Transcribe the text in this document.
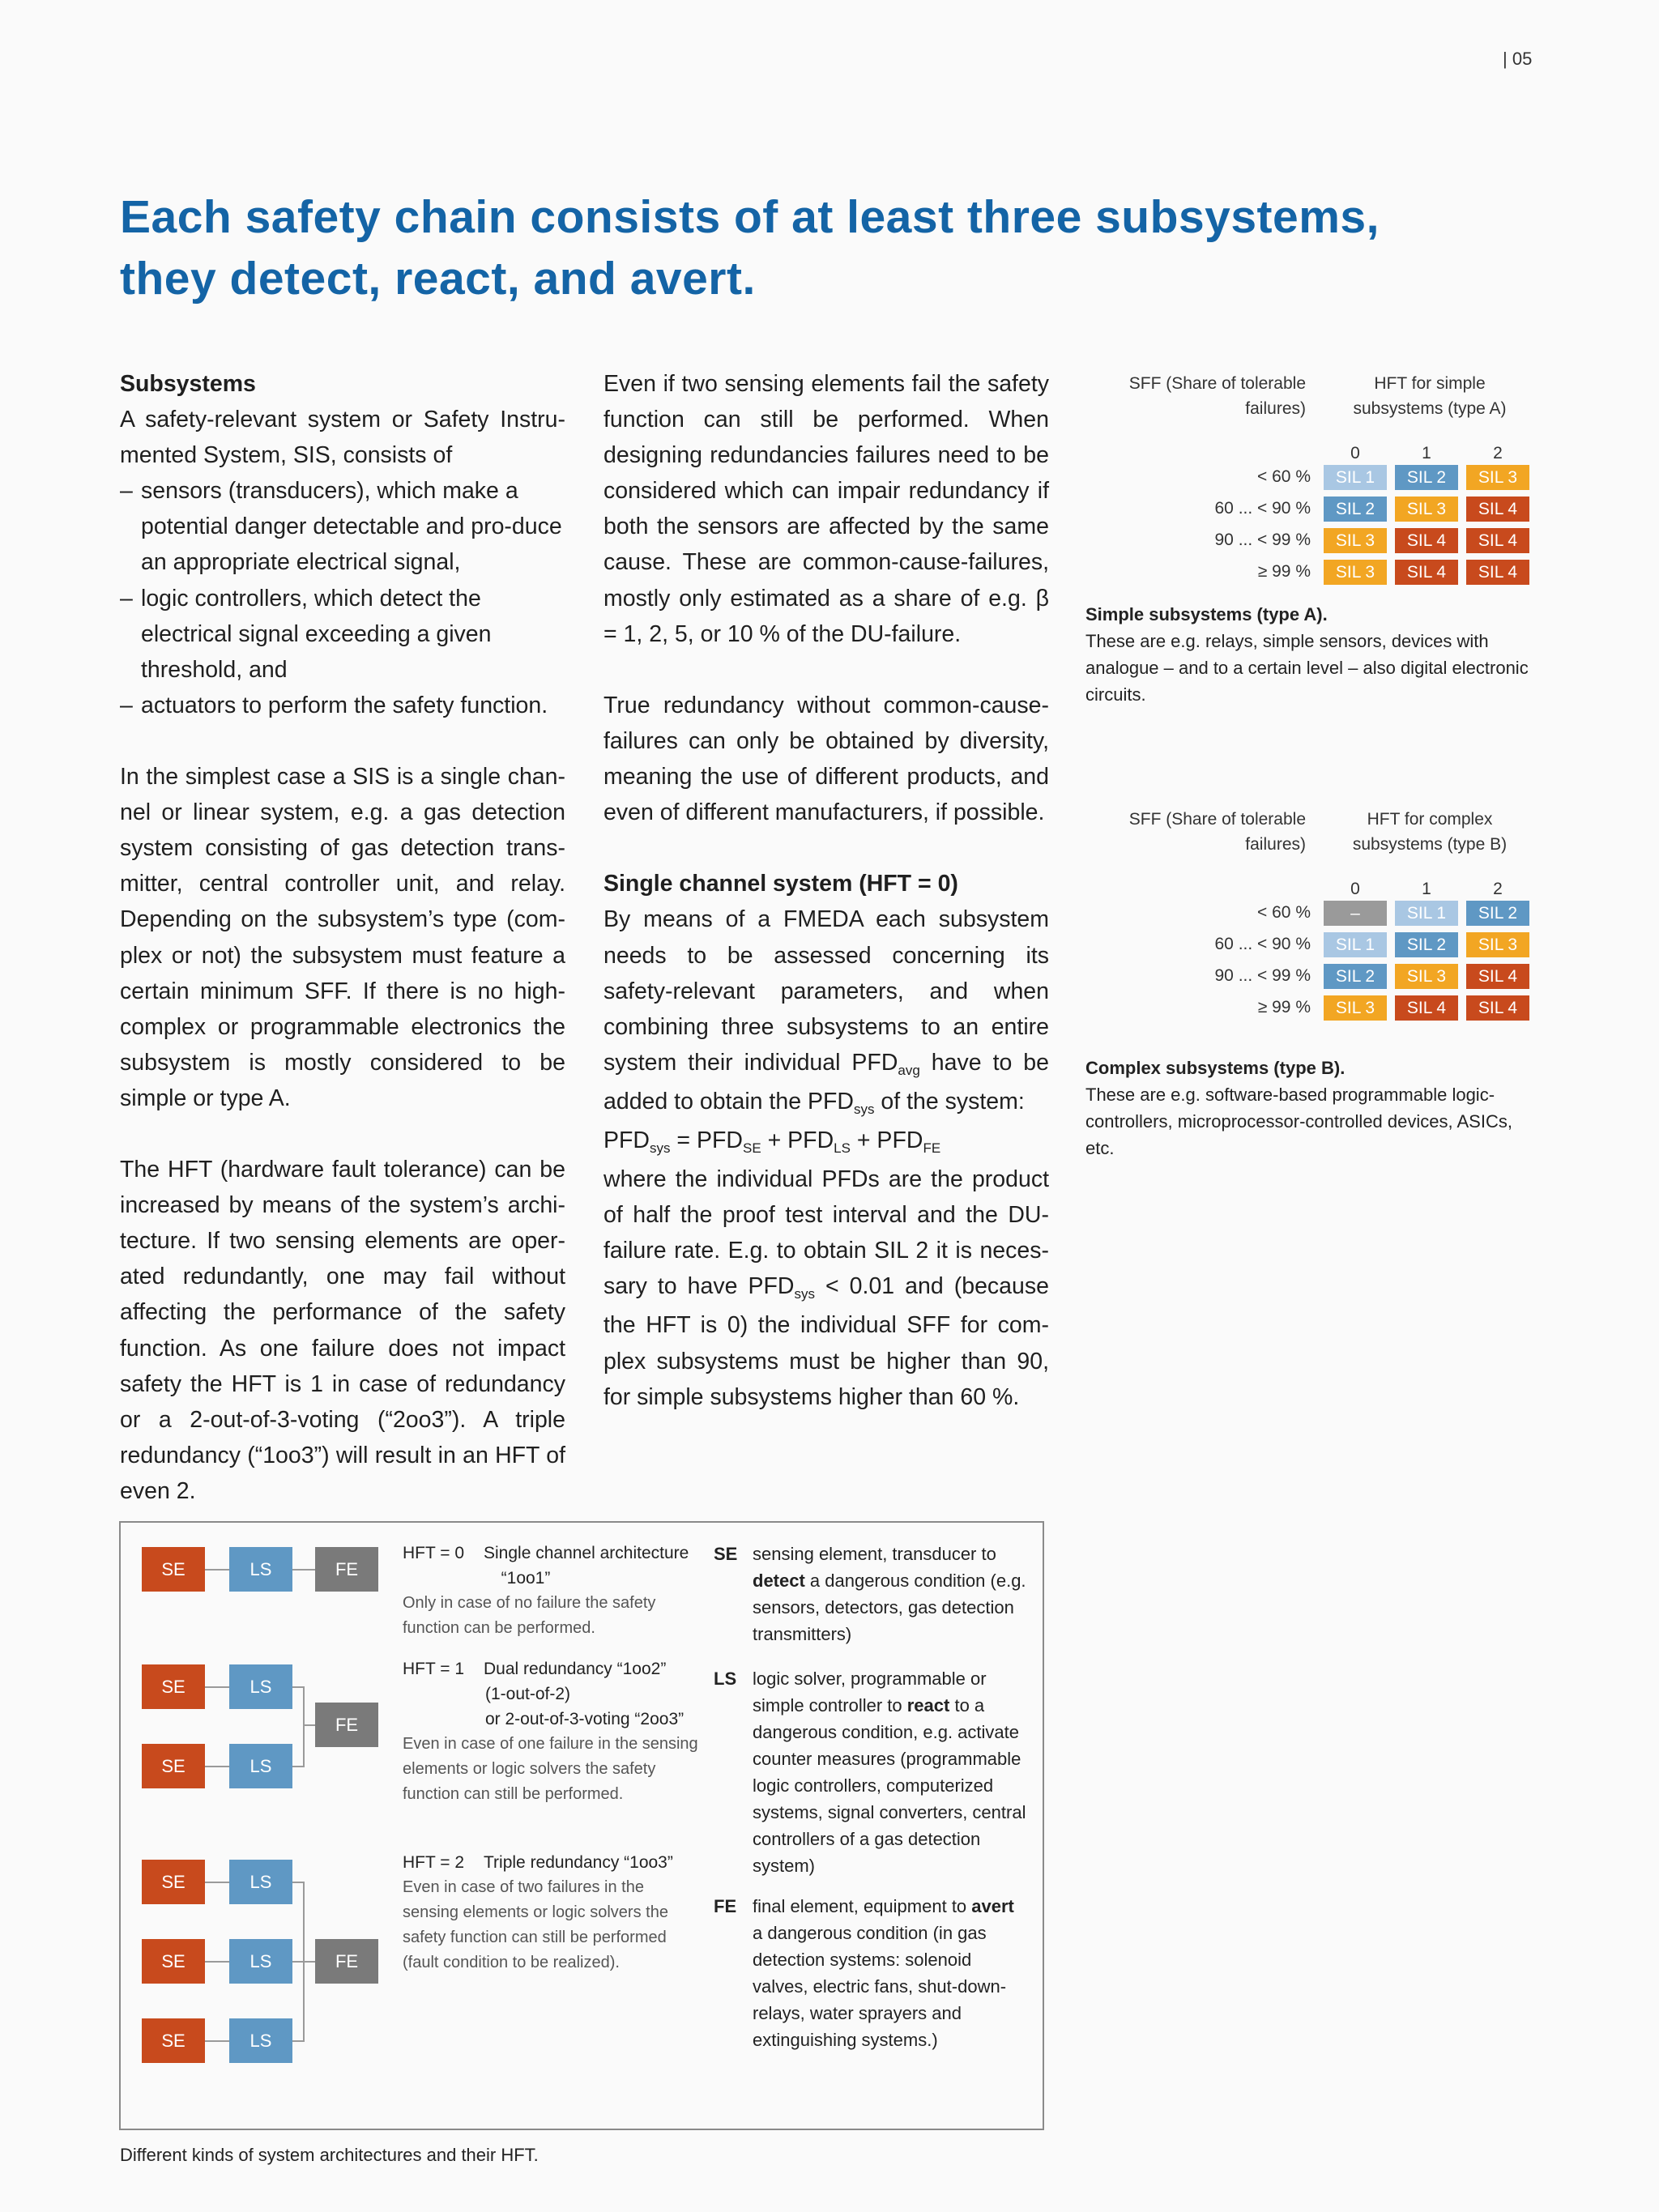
| 05
Each safety chain consists of at least three subsystems,
they detect, react, and avert.

Subsystems

A safety-relevant system or Safety Instru-mented System, SIS, consists of

– sensors (transducers), which make a potential danger detectable and pro-duce an appropriate electrical signal,
– logic controllers, which detect the electrical signal exceeding a given threshold, and
– actuators to perform the safety function.

In the simplest case a SIS is a single chan-nel or linear system, e.g. a gas detection system consisting of gas detection trans-mitter, central controller unit, and relay. Depending on the subsystem’s type (com-plex or not) the subsystem must feature a certain minimum SFF. If there is no high-complex or programmable electronics the subsystem is mostly considered to be simple or type A.

The HFT (hardware fault tolerance) can be increased by means of the system’s archi-tecture. If two sensing elements are oper-ated redundantly, one may fail without affecting the performance of the safety function. As one failure does not impact safety the HFT is 1 in case of redundancy or a 2-out-of-3-voting (“2oo3”). A triple redundancy (“1oo3”) will result in an HFT of even 2.

Even if two sensing elements fail the safety function can still be performed. When designing redundancies failures need to be considered which can impair redundancy if both the sensors are affected by the same cause. These are common-cause-failures, mostly only estimated as a share of e.g. β = 1, 2, 5, or 10 % of the DU-failure.

True redundancy without common-cause-failures can only be obtained by diversity, meaning the use of different products, and even of different manufacturers, if possible.

Single channel system (HFT = 0)

By means of a FMEDA each subsystem needs to be assessed concerning its safety-relevant parameters, and when combining three subsystems to an entire system their individual $PFD_{avg}$ have to be added to obtain the $PFD_{sys}$ of the system:

$PFD_{sys} = PFD_{SE} + PFD_{LS} + PFD_{FE}$

where the individual PFDs are the product of half the proof test interval and the DU-failure rate. E.g. to obtain SIL 2 it is neces-sary to have $PFD_{sys} < 0.01$ and (because the HFT is 0) the individual SFF for com-plex subsystems must be higher than 90, for simple subsystems higher than 60 %.

SFF (Share of tolerable failures)
HFT for simple subsystems (type A)
0	1	2
< 60 %	SIL 1	SIL 2	SIL 3
60 ... < 90 %	SIL 2	SIL 3	SIL 4
90 ... < 99 %	SIL 3	SIL 4	SIL 4
≥ 99 %	SIL 3	SIL 4	SIL 4
Simple subsystems (type A).
These are e.g. relays, simple sensors, devices with analogue – and to a certain level – also digital electronic circuits.
SFF (Share of tolerable failures)
HFT for complex subsystems (type B)
0	1	2
< 60 %	–	SIL 1	SIL 2
60 ... < 90 %	SIL 1	SIL 2	SIL 3
90 ... < 99 %	SIL 2	SIL 3	SIL 4
≥ 99 %	SIL 3	SIL 4	SIL 4
Complex subsystems (type B).
These are e.g. software-based programmable logic-controllers, microprocessor-controlled devices, ASICs, etc.
SE	LS	FE
SE	LS
SE	LS
FE
SE	LS
SE	LS
SE	LS
FE
HFT = 0 Single channel architecture
“1oo1”
Only in case of no failure the safety function can be performed.
HFT = 1 Dual redundancy “1oo2”
(1-out-of-2)
or 2-out-of-3-voting “2oo3”
Even in case of one failure in the sensing elements or logic solvers the safety function can still be performed.
HFT = 2 Triple redundancy “1oo3”
Even in case of two failures in the sensing elements or logic solvers the safety function can still be performed (fault condition to be realized).
SE sensing element, transducer to detect a dangerous condition (e.g. sensors, detectors, gas detection transmitters)
LS logic solver, programmable or simple controller to react to a dangerous condition, e.g. activate counter measures (programmable logic controllers, computerized systems, signal converters, central controllers of a gas detection system)
FE final element, equipment to avert a dangerous condition (in gas detection systems: solenoid valves, electric fans, shut-down-relays, water sprayers and extinguishing systems.)
Different kinds of system architectures and their HFT.
